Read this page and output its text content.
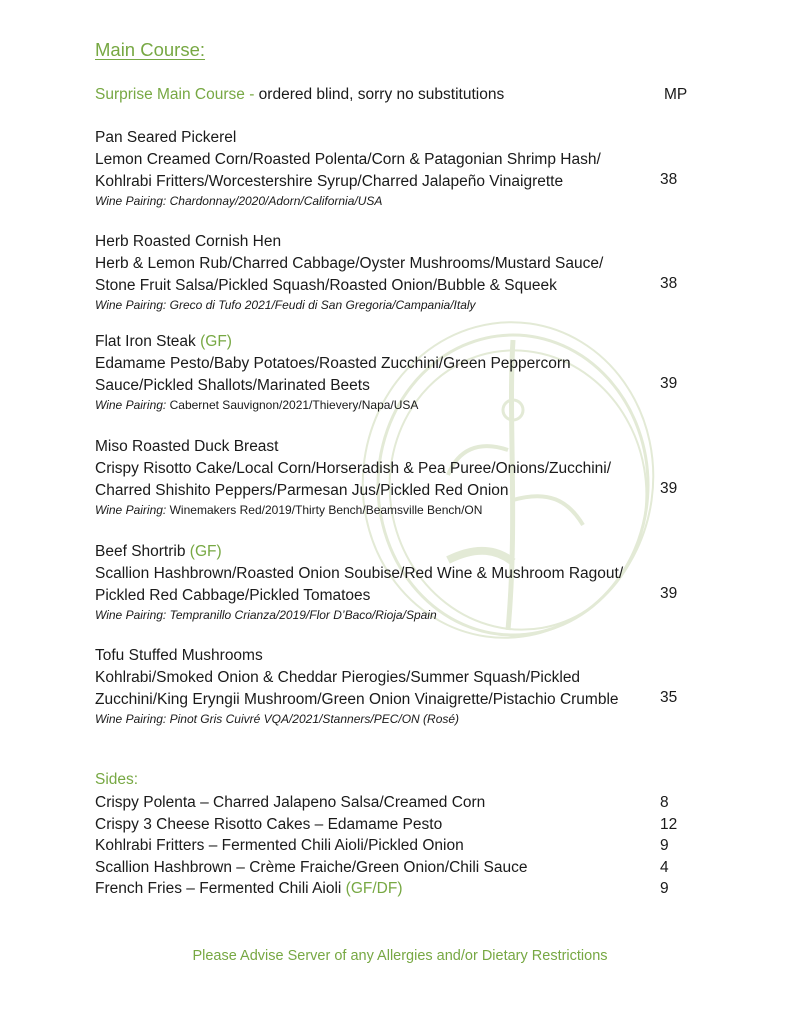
Main Course:
Surprise Main Course - ordered blind, sorry no substitutions	MP
Pan Seared Pickerel
Lemon Creamed Corn/Roasted Polenta/Corn & Patagonian Shrimp Hash/
Kohlrabi Fritters/Worcestershire Syrup/Charred Jalapeño Vinaigrette
Wine Pairing: Chardonnay/2020/Adorn/California/USA
38
Herb Roasted Cornish Hen
Herb & Lemon Rub/Charred Cabbage/Oyster Mushrooms/Mustard Sauce/
Stone Fruit Salsa/Pickled Squash/Roasted Onion/Bubble & Squeek
Wine Pairing: Greco di Tufo 2021/Feudi di San Gregoria/Campania/Italy
38
Flat Iron Steak (GF)
Edamame Pesto/Baby Potatoes/Roasted Zucchini/Green Peppercorn
Sauce/Pickled Shallots/Marinated Beets
Wine Pairing: Cabernet Sauvignon/2021/Thievery/Napa/USA
39
Miso Roasted Duck Breast
Crispy Risotto Cake/Local Corn/Horseradish & Pea Puree/Onions/Zucchini/
Charred Shishito Peppers/Parmesan Jus/Pickled Red Onion
Wine Pairing: Winemakers Red/2019/Thirty Bench/Beamsville Bench/ON
39
Beef Shortrib (GF)
Scallion Hashbrown/Roasted Onion Soubise/Red Wine & Mushroom Ragout/
Pickled Red Cabbage/Pickled Tomatoes
Wine Pairing: Tempranillo Crianza/2019/Flor D’Baco/Rioja/Spain
39
Tofu Stuffed Mushrooms
Kohlrabi/Smoked Onion & Cheddar Pierogies/Summer Squash/Pickled
Zucchini/King Eryngii Mushroom/Green Onion Vinaigrette/Pistachio Crumble
Wine Pairing: Pinot Gris Cuivré VQA/2021/Stanners/PEC/ON (Rosé)
35
Sides:
Crispy Polenta – Charred Jalapeno Salsa/Creamed Corn	8
Crispy 3 Cheese Risotto Cakes – Edamame Pesto	12
Kohlrabi Fritters – Fermented Chili Aioli/Pickled Onion	9
Scallion Hashbrown – Crème Fraiche/Green Onion/Chili Sauce	4
French Fries – Fermented Chili Aioli (GF/DF)	9
Please Advise Server of any Allergies and/or Dietary Restrictions
